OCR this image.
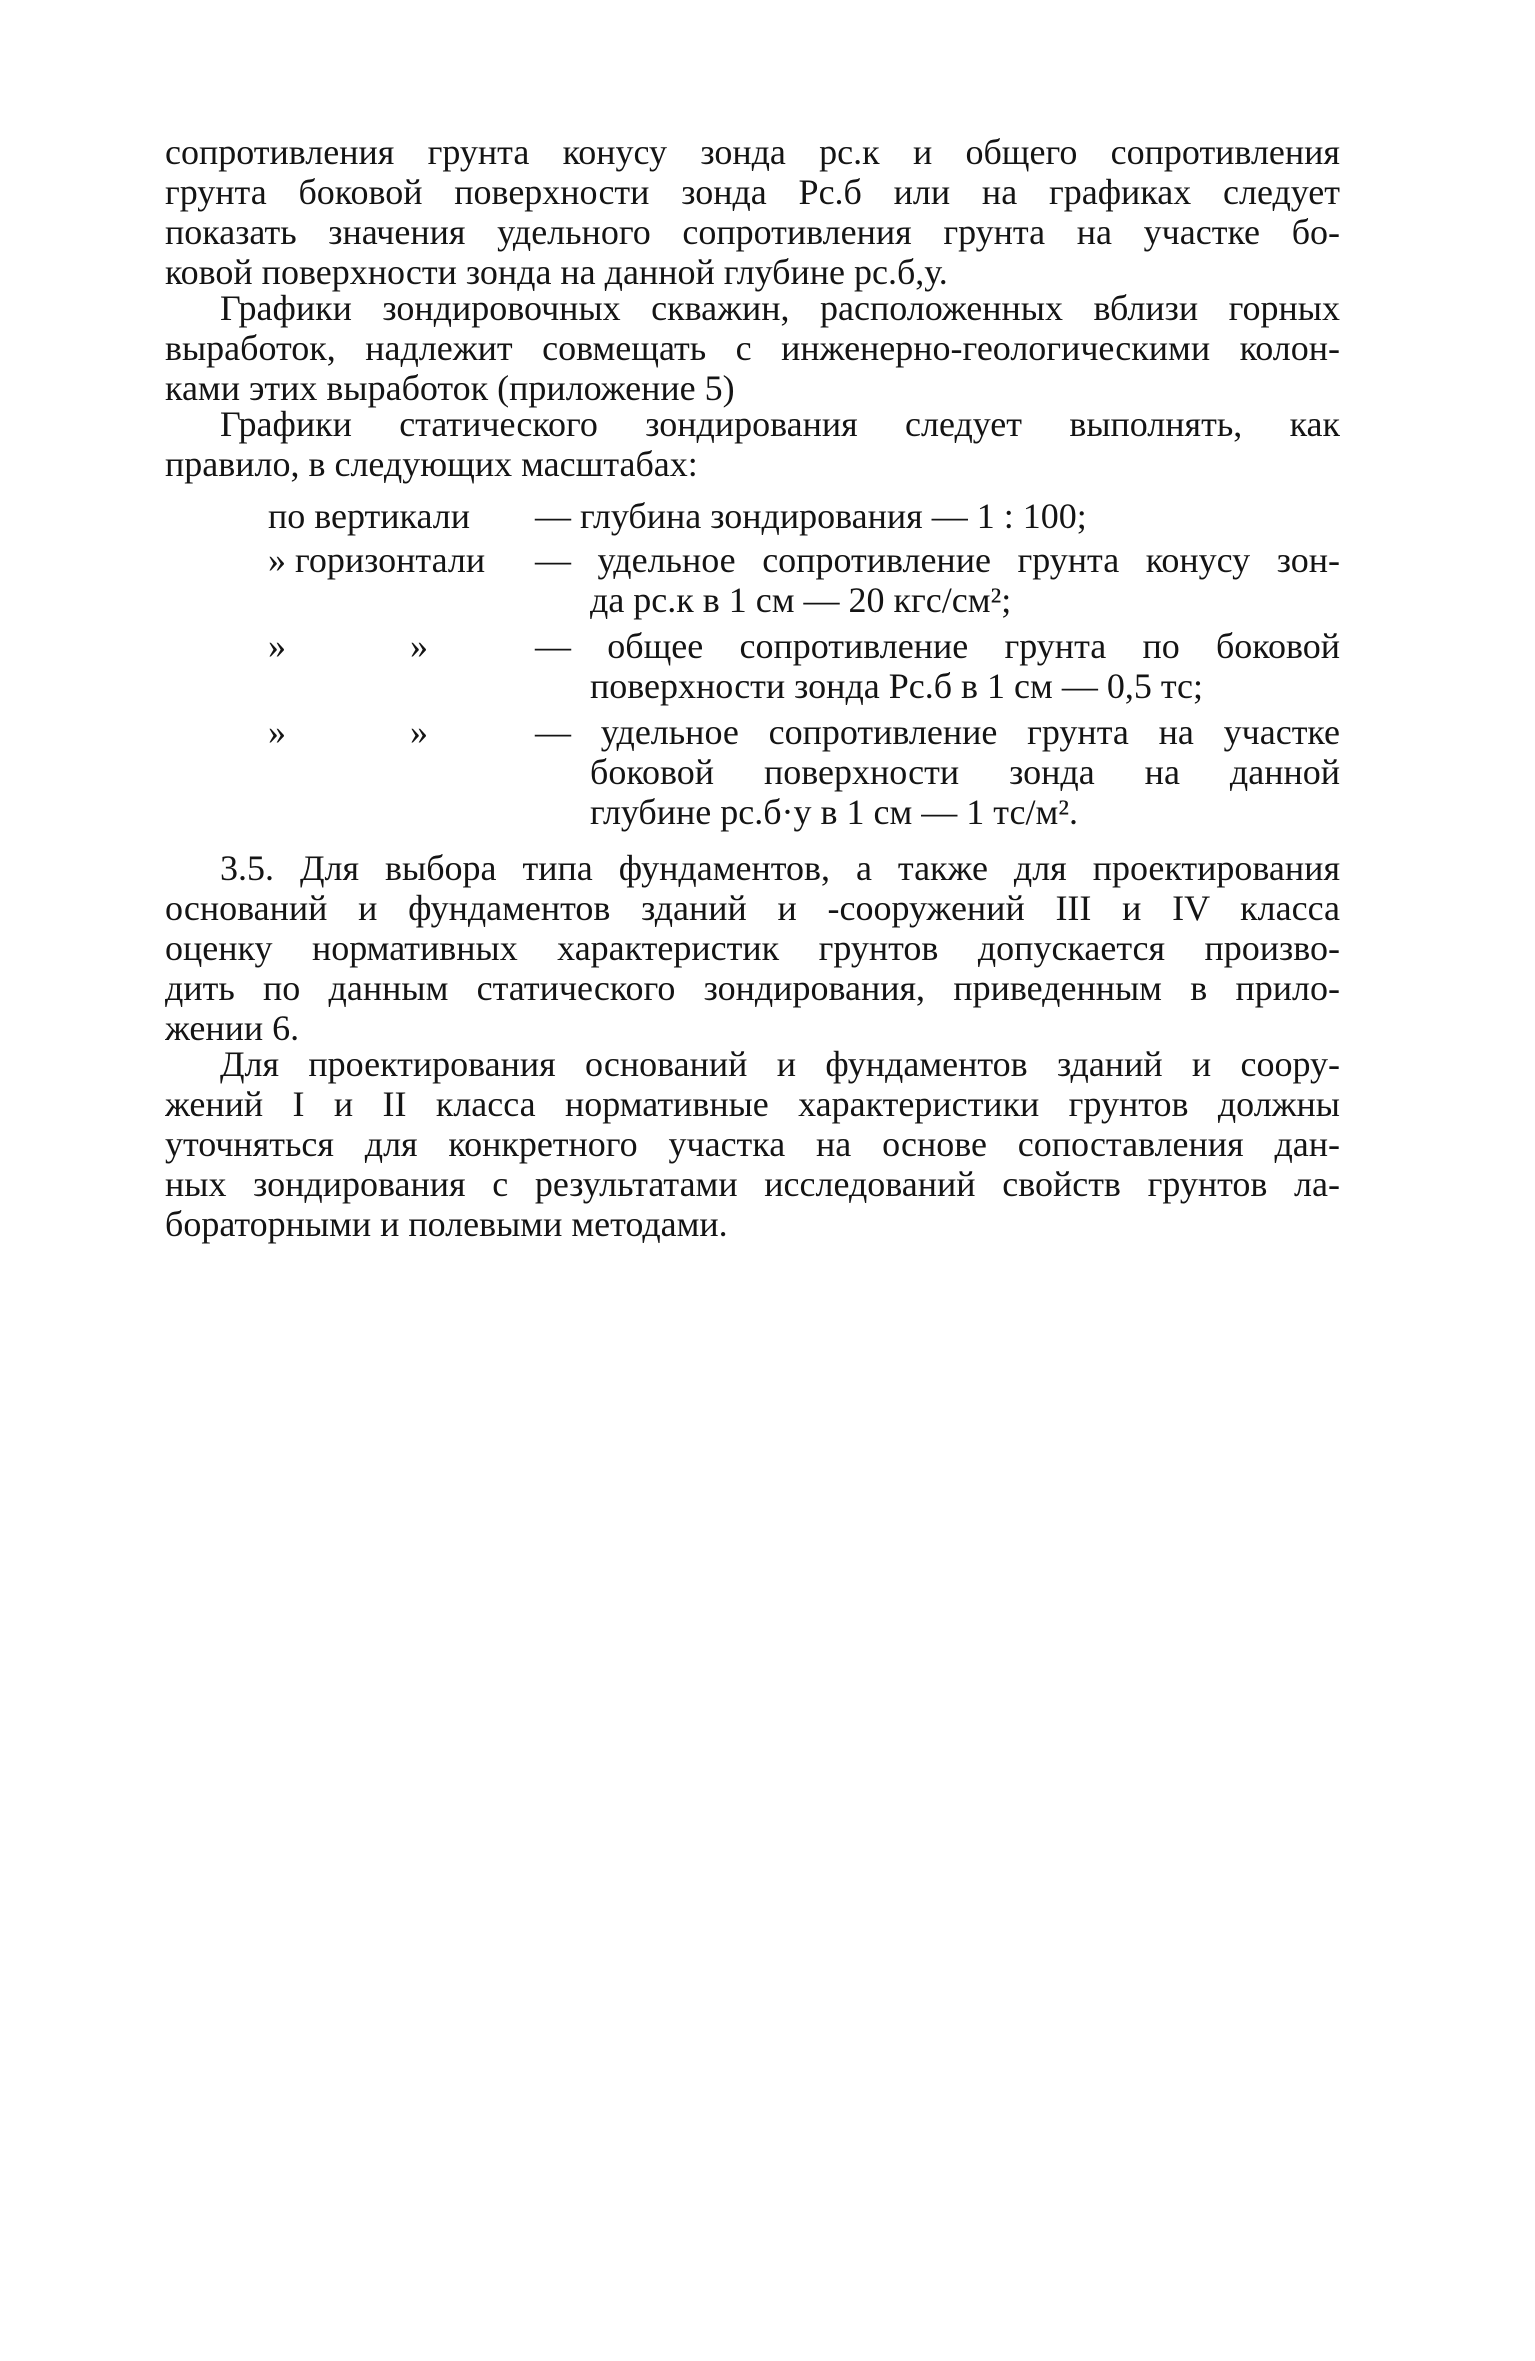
сопротивления грунта конусу зонда pс.к и общего сопротивления
грунта боковой поверхности зонда Pс.б или на графиках следует
показать значения удельного сопротивления грунта на участке бо-
ковой поверхности зонда на данной глубине pс.б,у.
Графики зондировочных скважин, расположенных вблизи горных
выработок, надлежит совмещать с инженерно-геологическими колон-
ками этих выработок (приложение 5)
Графики статического зондирования следует выполнять, как
правило, в следующих масштабах:
по вертикали	— глубина зондирования — 1 : 100;
» горизонтали	— удельное сопротивление грунта конусу зон-
да pс.к в 1 см — 20 кгс/см²;
»	»	— общее сопротивление грунта по боковой
поверхности зонда Pс.б в 1 см — 0,5 тс;
»	»	— удельное сопротивление грунта на участке
боковой поверхности зонда на данной
глубине pс.б·у в 1 см — 1 тс/м².
3.5. Для выбора типа фундаментов, а также для проектирования
оснований и фундаментов зданий и -сооружений III и IV класса
оценку нормативных характеристик грунтов допускается произво-
дить по данным статического зондирования, приведенным в прило-
жении 6.
Для проектирования оснований и фундаментов зданий и соору-
жений I и II класса нормативные характеристики грунтов должны
уточняться для конкретного участка на основе сопоставления дан-
ных зондирования с результатами исследований свойств грунтов ла-
бораторными и полевыми методами.
